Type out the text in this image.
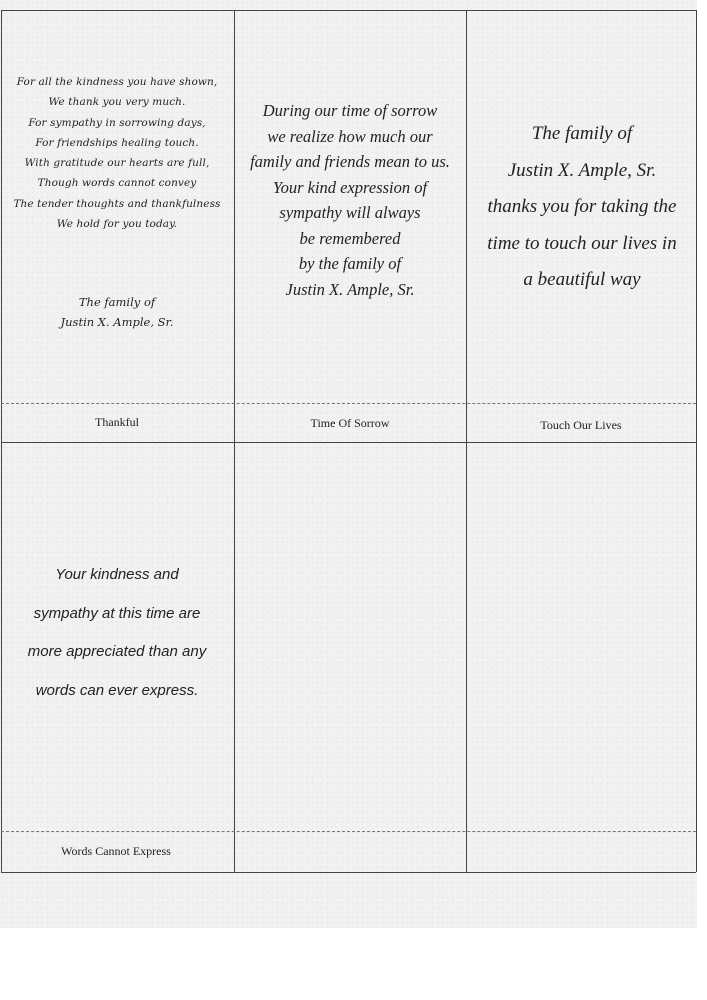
For all the kindness you have shown,
We thank you very much.
For sympathy in sorrowing days,
For friendships healing touch.
With gratitude our hearts are full,
Though words cannot convey
The tender thoughts and thankfulness
We hold for you today.
The family of
Justin X. Ample, Sr.
Thankful
During our time of sorrow
we realize how much our
family and friends mean to us.
Your kind expression of
sympathy will always
be remembered
by the family of
Justin X. Ample, Sr.
Time Of Sorrow
The family of
Justin X. Ample, Sr.
thanks you for taking the
time to touch our lives in
a beautiful way
Touch Our Lives
Your kindness and
sympathy at this time are
more appreciated than any
words can ever express.
Words Cannot Express
